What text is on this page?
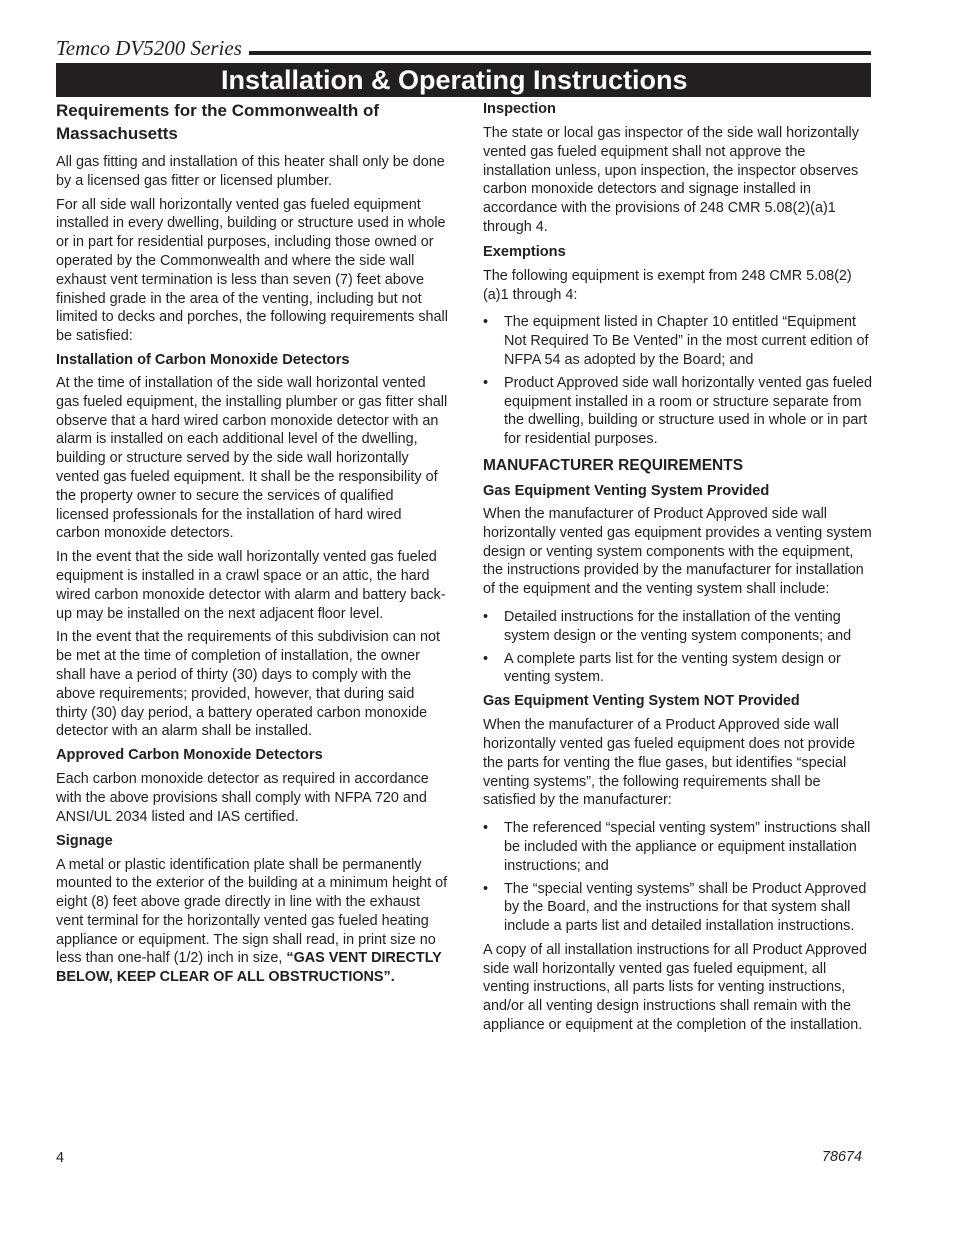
Temco DV5200 Series
Installation & Operating Instructions

Requirements for the Commonwealth of Massachusetts

All gas fitting and installation of this heater shall only be done by a licensed gas fitter or licensed plumber.

For all side wall horizontally vented gas fueled equipment installed in every dwelling, building or structure used in whole or in part for residential purposes, including those owned or operated by the Commonwealth and where the side wall exhaust vent termination is less than seven (7) feet above finished grade in the area of the venting, including but not limited to decks and porches, the following requirements shall be satisfied:

Installation of Carbon Monoxide Detectors

At the time of installation of the side wall horizontal vented gas fueled equipment, the installing plumber or gas fitter shall observe that a hard wired carbon monoxide detector with an alarm is installed on each additional level of the dwelling, building or structure served by the side wall horizontally vented gas fueled equipment. It shall be the responsibility of the property owner to secure the services of qualified licensed professionals for the installation of hard wired carbon monoxide detectors.

In the event that the side wall horizontally vented gas fueled equipment is installed in a crawl space or an attic, the hard wired carbon monoxide detector with alarm and battery back-up may be installed on the next adjacent floor level.

In the event that the requirements of this subdivision can not be met at the time of completion of installation, the owner shall have a period of thirty (30) days to comply with the above requirements; provided, however, that during said thirty (30) day period, a battery operated carbon monoxide detector with an alarm shall be installed.

Approved Carbon Monoxide Detectors

Each carbon monoxide detector as required in accordance with the above provisions shall comply with NFPA 720 and ANSI/UL 2034 listed and IAS certified.

Signage

A metal or plastic identification plate shall be permanently mounted to the exterior of the building at a minimum height of eight (8) feet above grade directly in line with the exhaust vent terminal for the horizontally vented gas fueled heating appliance or equipment. The sign shall read, in print size no less than one-half (1/2) inch in size, “GAS VENT DIRECTLY BELOW, KEEP CLEAR OF ALL OBSTRUCTIONS”.

Inspection

The state or local gas inspector of the side wall horizontally vented gas fueled equipment shall not approve the installation unless, upon inspection, the inspector observes carbon monoxide detectors and signage installed in accordance with the provisions of 248 CMR 5.08(2)(a)1 through 4.

Exemptions

The following equipment is exempt from 248 CMR 5.08(2)(a)1 through 4:

• The equipment listed in Chapter 10 entitled “Equipment Not Required To Be Vented” in the most current edition of NFPA 54 as adopted by the Board; and
• Product Approved side wall horizontally vented gas fueled equipment installed in a room or structure separate from the dwelling, building or structure used in whole or in part for residential purposes.

MANUFACTURER REQUIREMENTS

Gas Equipment Venting System Provided

When the manufacturer of Product Approved side wall horizontally vented gas equipment provides a venting system design or venting system components with the equipment, the instructions provided by the manufacturer for installation of the equipment and the venting system shall include:

• Detailed instructions for the installation of the venting system design or the venting system components; and
• A complete parts list for the venting system design or venting system.

Gas Equipment Venting System NOT Provided

When the manufacturer of a Product Approved side wall horizontally vented gas fueled equipment does not provide the parts for venting the flue gases, but identifies “special venting systems”, the following requirements shall be satisfied by the manufacturer:

• The referenced “special venting system” instructions shall be included with the appliance or equipment installation instructions; and
• The “special venting systems” shall be Product Approved by the Board, and the instructions for that system shall include a parts list and detailed installation instructions.

A copy of all installation instructions for all Product Approved side wall horizontally vented gas fueled equipment, all venting instructions, all parts lists for venting instructions, and/or all venting design instructions shall remain with the appliance or equipment at the completion of the installation.

4	78674
